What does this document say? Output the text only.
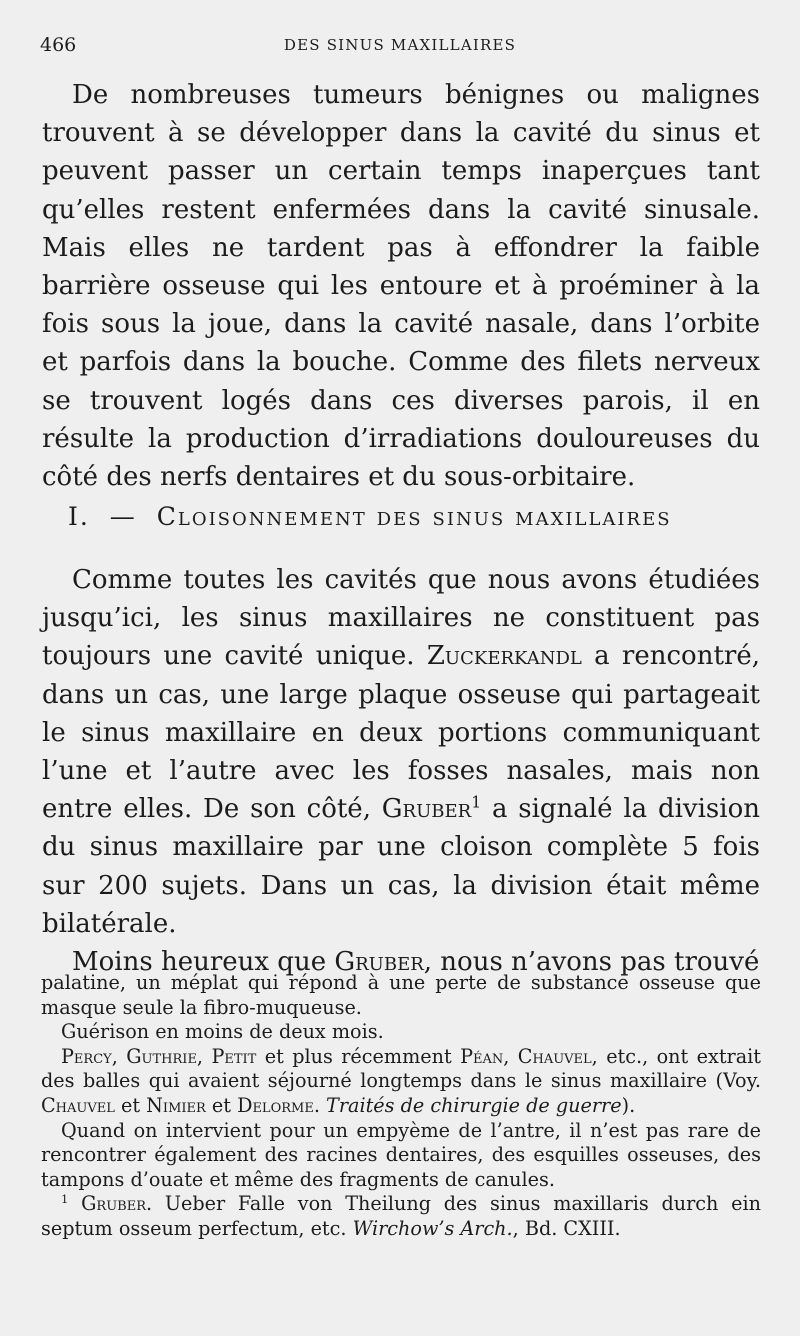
466	DES SINUS MAXILLAIRES

De nombreuses tumeurs bénignes ou malignes trouvent à se développer dans la cavité du sinus et peuvent passer un certain temps inaperçues tant qu’elles restent enfermées dans la cavité sinusale. Mais elles ne tardent pas à effondrer la faible barrière osseuse qui les entoure et à proéminer à la fois sous la joue, dans la cavité nasale, dans l’orbite et parfois dans la bouche. Comme des filets nerveux se trouvent logés dans ces diverses parois, il en résulte la production d’irradiations douloureuses du côté des nerfs dentaires et du sous-orbitaire.

I. — Cloisonnement des sinus maxillaires

Comme toutes les cavités que nous avons étudiées jusqu’ici, les sinus maxillaires ne constituent pas toujours une cavité unique. Zuckerkandl a rencontré, dans un cas, une large plaque osseuse qui partageait le sinus maxillaire en deux portions communiquant l’une et l’autre avec les fosses nasales, mais non entre elles. De son côté, Gruber$^1$ a signalé la division du sinus maxillaire par une cloison complète 5 fois sur 200 sujets. Dans un cas, la division était même bilatérale.

Moins heureux que Gruber, nous n’avons pas trouvé

palatine, un méplat qui répond à une perte de substance osseuse que masque seule la fibro-muqueuse.

Guérison en moins de deux mois.

Percy, Guthrie, Petit et plus récemment Péan, Chauvel, etc., ont extrait des balles qui avaient séjourné longtemps dans le sinus maxillaire (Voy. Chauvel et Nimier et Delorme. Traités de chirurgie de guerre).

Quand on intervient pour un empyème de l’antre, il n’est pas rare de rencontrer également des racines dentaires, des esquilles osseuses, des tampons d’ouate et même des fragments de canules.

$^1$ Gruber. Ueber Falle von Theilung des sinus maxillaris durch ein septum osseum perfectum, etc. Wirchow’s Arch., Bd. CXIII.
